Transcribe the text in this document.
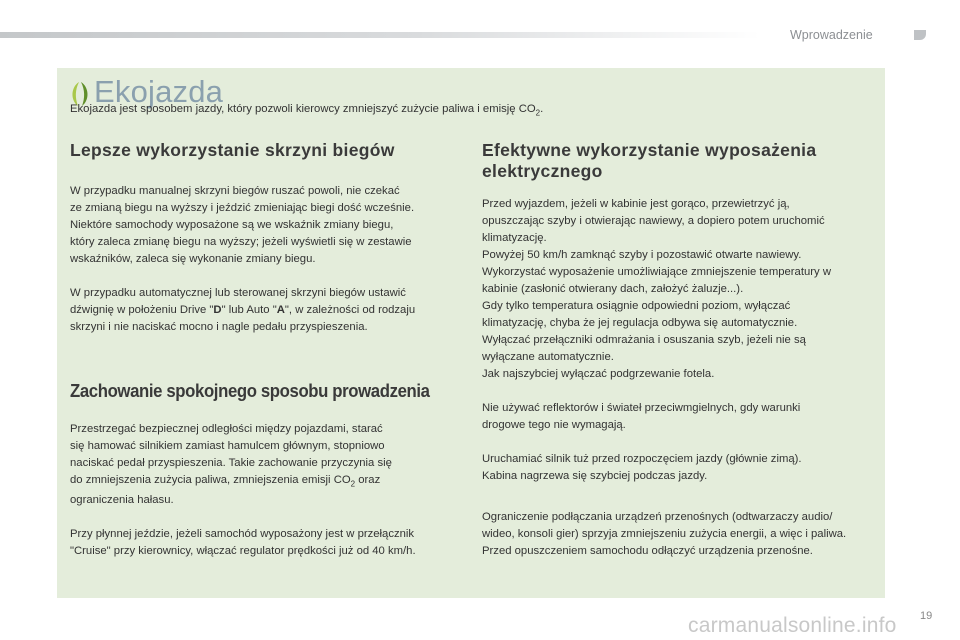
Wprowadzenie
Ekojazda
Ekojazda jest sposobem jazdy, który pozwoli kierowcy zmniejszyć zużycie paliwa i emisję $CO_2$.
Lepsze wykorzystanie skrzyni biegów

W przypadku manualnej skrzyni biegów ruszać powoli, nie czekać
ze zmianą biegu na wyższy i jeździć zmieniając biegi dość wcześnie.
Niektóre samochody wyposażone są we wskaźnik zmiany biegu,
który zaleca zmianę biegu na wyższy; jeżeli wyświetli się w zestawie
wskaźników, zaleca się wykonanie zmiany biegu.

W przypadku automatycznej lub sterowanej skrzyni biegów ustawić
dźwignię w położeniu Drive "D" lub Auto "A", w zależności od rodzaju
skrzyni i nie naciskać mocno i nagle pedału przyspieszenia.

Zachowanie spokojnego sposobu prowadzenia

Przestrzegać bezpiecznej odległości między pojazdami, starać
się hamować silnikiem zamiast hamulcem głównym, stopniowo
naciskać pedał przyspieszenia. Takie zachowanie przyczynia się
do zmniejszenia zużycia paliwa, zmniejszenia emisji $CO_2$ oraz
ograniczenia hałasu.

Przy płynnej jeździe, jeżeli samochód wyposażony jest w przełącznik
"Cruise" przy kierownicy, włączać regulator prędkości już od 40 km/h.

Efektywne wykorzystanie wyposażenia
elektrycznego

Przed wyjazdem, jeżeli w kabinie jest gorąco, przewietrzyć ją,
opuszczając szyby i otwierając nawiewy, a dopiero potem uruchomić
klimatyzację.
Powyżej 50 km/h zamknąć szyby i pozostawić otwarte nawiewy.
Wykorzystać wyposażenie umożliwiające zmniejszenie temperatury w
kabinie (zasłonić otwierany dach, założyć żaluzje...).
Gdy tylko temperatura osiągnie odpowiedni poziom, wyłączać
klimatyzację, chyba że jej regulacja odbywa się automatycznie.
Wyłączać przełączniki odmrażania i osuszania szyb, jeżeli nie są
wyłączane automatycznie.
Jak najszybciej wyłączać podgrzewanie fotela.

Nie używać reflektorów i świateł przeciwmgielnych, gdy warunki
drogowe tego nie wymagają.

Uruchamiać silnik tuż przed rozpoczęciem jazdy (głównie zimą).
Kabina nagrzewa się szybciej podczas jazdy.

Ograniczenie podłączania urządzeń przenośnych (odtwarzaczy audio/
wideo, konsoli gier) sprzyja zmniejszeniu zużycia energii, a więc i paliwa.
Przed opuszczeniem samochodu odłączyć urządzenia przenośne.

19
carmanualsonline.info
